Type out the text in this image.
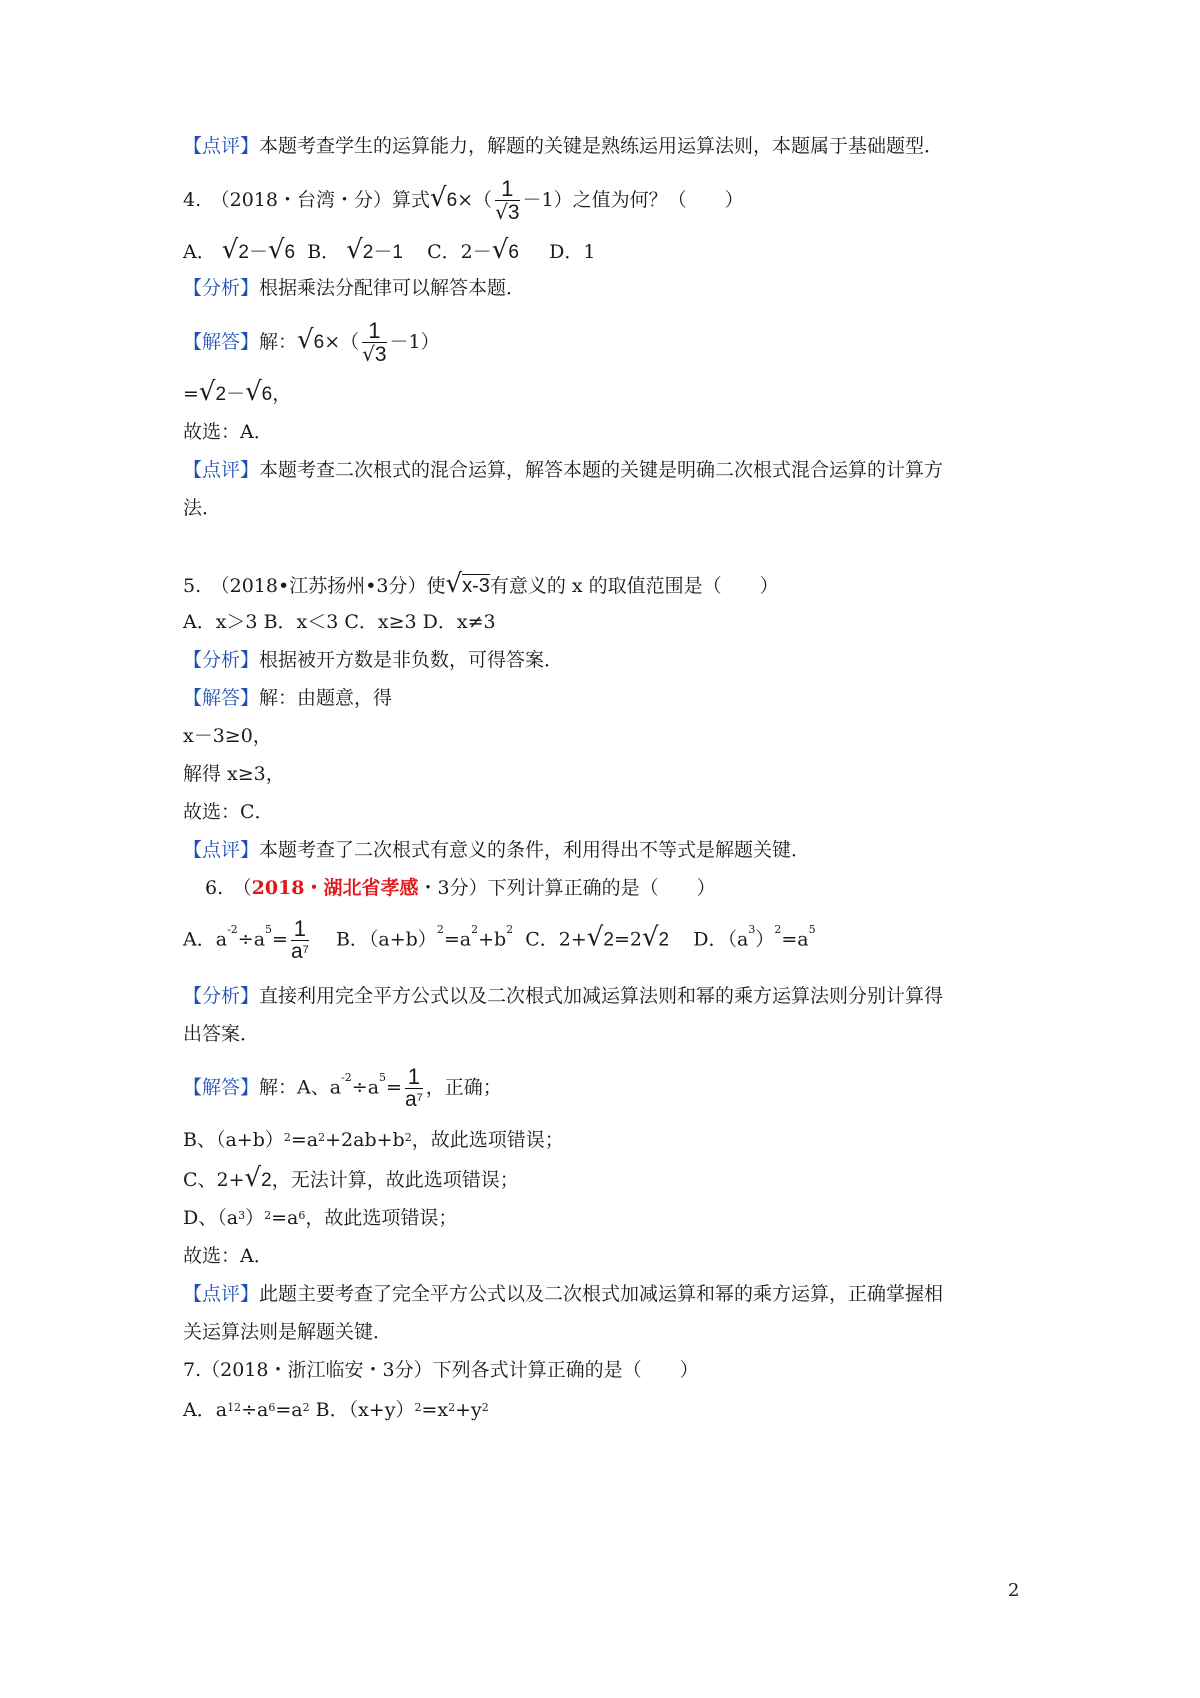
【点评】本题考查学生的运算能力，解题的关键是熟练运用运算法则，本题属于基础题型．
4.　（2018・台湾・分）算式$√6\times( \frac{1}{√3} -1)$之值为何？（　　）
A． √2－√6 B． √2－1 C．2－√6 D．1
【分析】根据乘法分配律可以解答本题．
【解答】解：$√6\times( \frac{1}{√3} -1)$
=√2－√6，
故选：A．
【点评】本题考查二次根式的混合运算，解答本题的关键是明确二次根式混合运算的计算方
法．
5.　（2018•江苏扬州•3分）使√x-3有意义的 x 的取值范围是（　　）
A．x＞3 B．x＜3 C．x≥3 D．x≠3
【分析】根据被开方数是非负数，可得答案．
【解答】解：由题意，得
x－3≥0，
解得 x≥3，
故选：C．
【点评】本题考查了二次根式有意义的条件，利用得出不等式是解题关键．
6.　（2018・湖北省孝感・3分）下列计算正确的是（　　）
A．$a^{-2}\div a^5= \frac{1}{a^7}$ B．$(a+b)^2=a^2+b^2$ C．2+√2=2√2 D．$(a^3)^2=a^5$
【分析】直接利用完全平方公式以及二次根式加减运算法则和幂的乘方运算法则分别计算得
出答案．
【解答】解：A、$a^{-2}\div a^5= \frac{1}{a^7}$ ，正确；
B、$(a+b)^2=a^2+2ab+b^2$，故此选项错误；
C、2+√2，无法计算，故此选项错误；
D、$(a^3)^2=a^6$，故此选项错误；
故选：A．
【点评】此题主要考查了完全平方公式以及二次根式加减运算和幂的乘方运算，正确掌握相
关运算法则是解题关键．
7.（2018・浙江临安・3分）下列各式计算正确的是（　　）
A．$a^{12}\div a^6=a^2$ B．$(x+y)^2=x^2+y^2$
2
